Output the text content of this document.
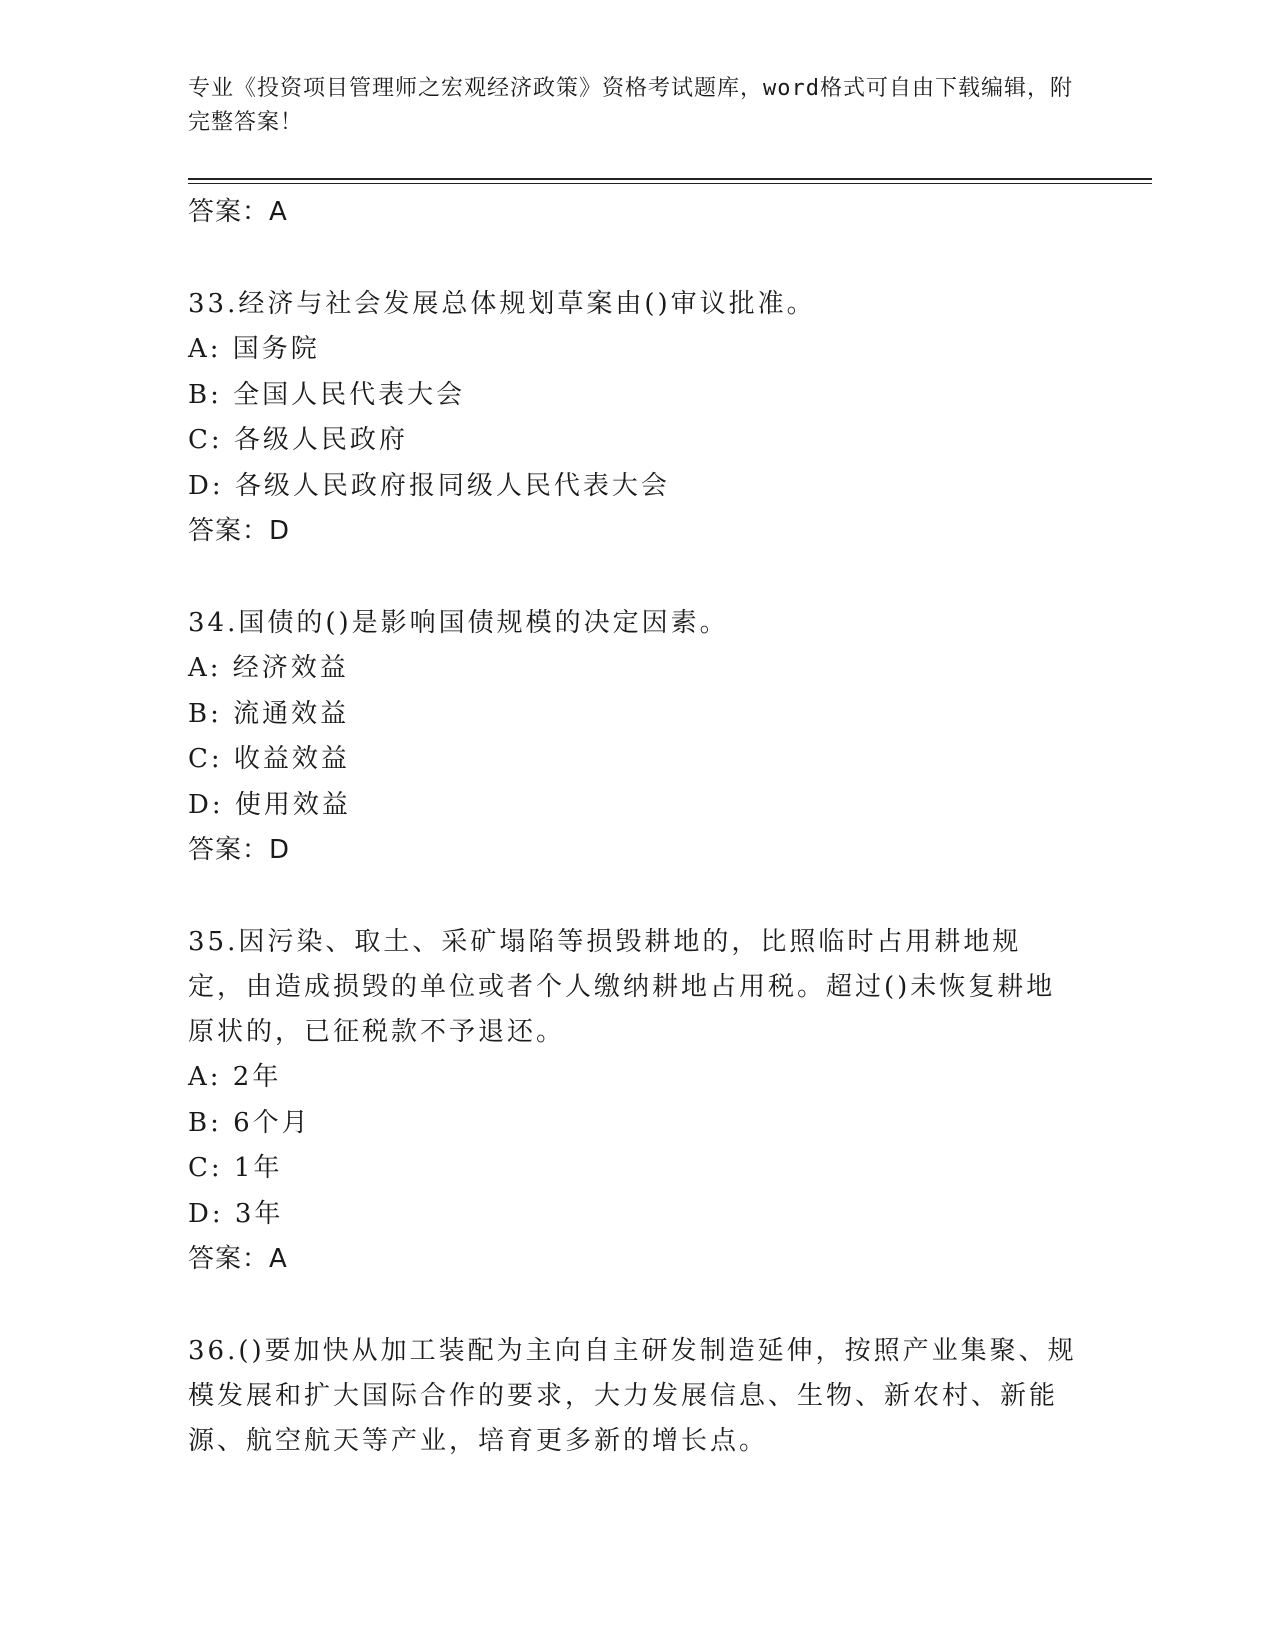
专业《投资项目管理师之宏观经济政策》资格考试题库，word格式可自由下载编辑，附完整答案！
答案：A
33.经济与社会发展总体规划草案由()审议批准。
A: 国务院
B: 全国人民代表大会
C: 各级人民政府
D: 各级人民政府报同级人民代表大会
答案：D
34.国债的()是影响国债规模的决定因素。
A: 经济效益
B: 流通效益
C: 收益效益
D: 使用效益
答案：D
35.因污染、取土、采矿塌陷等损毁耕地的，比照临时占用耕地规定，由造成损毁的单位或者个人缴纳耕地占用税。超过()未恢复耕地原状的，已征税款不予退还。
A: 2年
B: 6个月
C: 1年
D: 3年
答案：A
36.()要加快从加工装配为主向自主研发制造延伸，按照产业集聚、规模发展和扩大国际合作的要求，大力发展信息、生物、新农村、新能源、航空航天等产业，培育更多新的增长点。
